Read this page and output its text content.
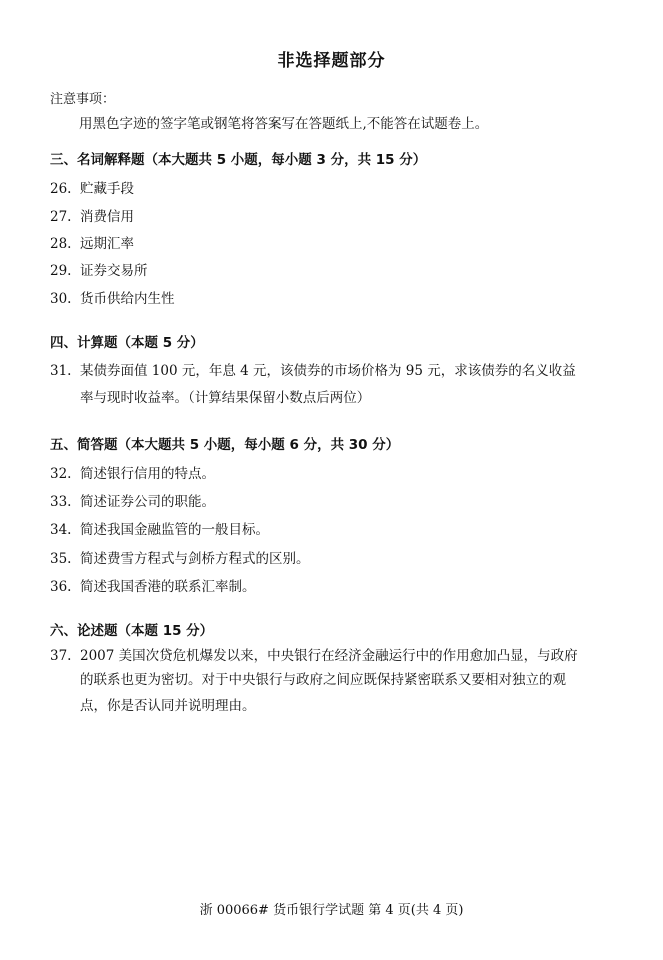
非选择题部分
注意事项：
用黑色字迹的签字笔或钢笔将答案写在答题纸上,不能答在试题卷上。
三、名词解释题（本大题共 5 小题，每小题 3 分，共 15 分）
26. 贮藏手段
27. 消费信用
28. 远期汇率
29. 证券交易所
30. 货币供给内生性
四、计算题（本题 5 分）
31. 某债券面值 100 元，年息 4 元，该债券的市场价格为 95 元，求该债券的名义收益
率与现时收益率。（计算结果保留小数点后两位）
五、简答题（本大题共 5 小题，每小题 6 分，共 30 分）
32. 简述银行信用的特点。
33. 简述证券公司的职能。
34. 简述我国金融监管的一般目标。
35. 简述费雪方程式与剑桥方程式的区别。
36. 简述我国香港的联系汇率制。
六、论述题（本题 15 分）
37. 2007 美国次贷危机爆发以来，中央银行在经济金融运行中的作用愈加凸显，与政府
的联系也更为密切。对于中央银行与政府之间应既保持紧密联系又要相对独立的观
点，你是否认同并说明理由。
浙 00066# 货币银行学试题 第 4 页(共 4 页)
